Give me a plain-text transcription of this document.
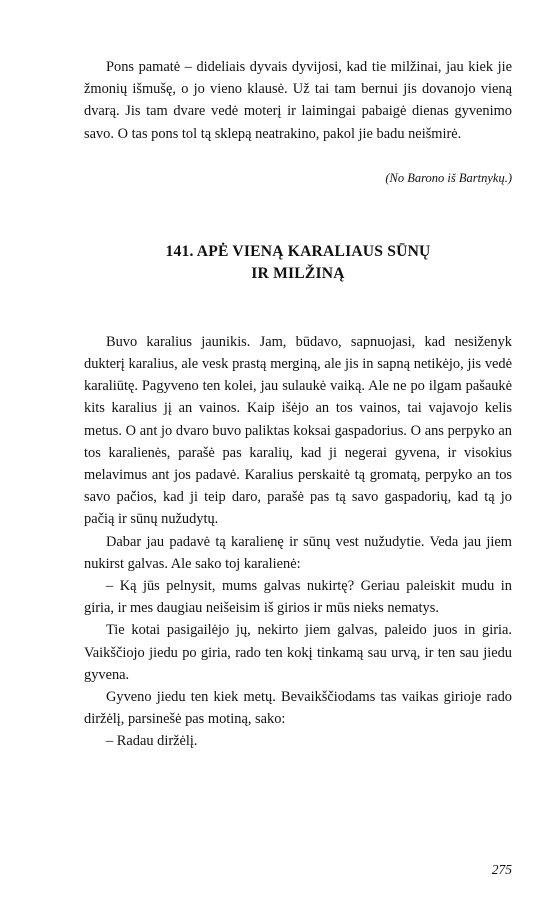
Pons pamatė – dideliais dyvais dyvijosi, kad tie milžinai, jau kiek jie žmonių išmušę, o jo vieno klausė. Už tai tam bernui jis dovanojo vieną dvarą. Jis tam dvare vedė moterį ir laimingai pabaigė dienas gyvenimo savo. O tas pons tol tą sklepą neatrakino, pakol jie badu neišmirė.

(No Barono iš Bartnykų.)

141. APĖ VIENĄ KARALIAUS SŪNŲ
IR MILŽINĄ

Buvo karalius jaunikis. Jam, būdavo, sapnuojasi, kad nesiženyk dukterį karalius, ale vesk prastą merginą, ale jis in sapną netikėjo, jis vedė karaliūtę. Pagyveno ten kolei, jau sulaukė vaiką. Ale ne po ilgam pašaukė kits karalius jį an vainos. Kaip išėjo an tos vainos, tai vajavojo kelis metus. O ant jo dvaro buvo paliktas koksai gaspadorius. O ans perpyko an tos karalienės, parašė pas karalių, kad ji negerai gyvena, ir visokius melavimus ant jos padavė. Karalius perskaitė tą gromatą, perpyko an tos savo pačios, kad ji teip daro, parašė pas tą savo gaspadorių, kad tą jo pačią ir sūnų nužudytų.

Dabar jau padavė tą karalienę ir sūnų vest nužudytie. Veda jau jiem nukirst galvas. Ale sako toj karalienė:

– Ką jūs pelnysit, mums galvas nukirtę? Geriau paleiskit mudu in giria, ir mes daugiau neišeisim iš girios ir mūs nieks nematys.

Tie kotai pasigailėjo jų, nekirto jiem galvas, paleido juos in giria. Vaikščiojo jiedu po giria, rado ten kokį tinkamą sau urvą, ir ten sau jiedu gyvena.

Gyveno jiedu ten kiek metų. Bevaikščiodams tas vaikas girioje rado diržėlį, parsinešė pas motiną, sako:

– Radau diržėlį.

275
